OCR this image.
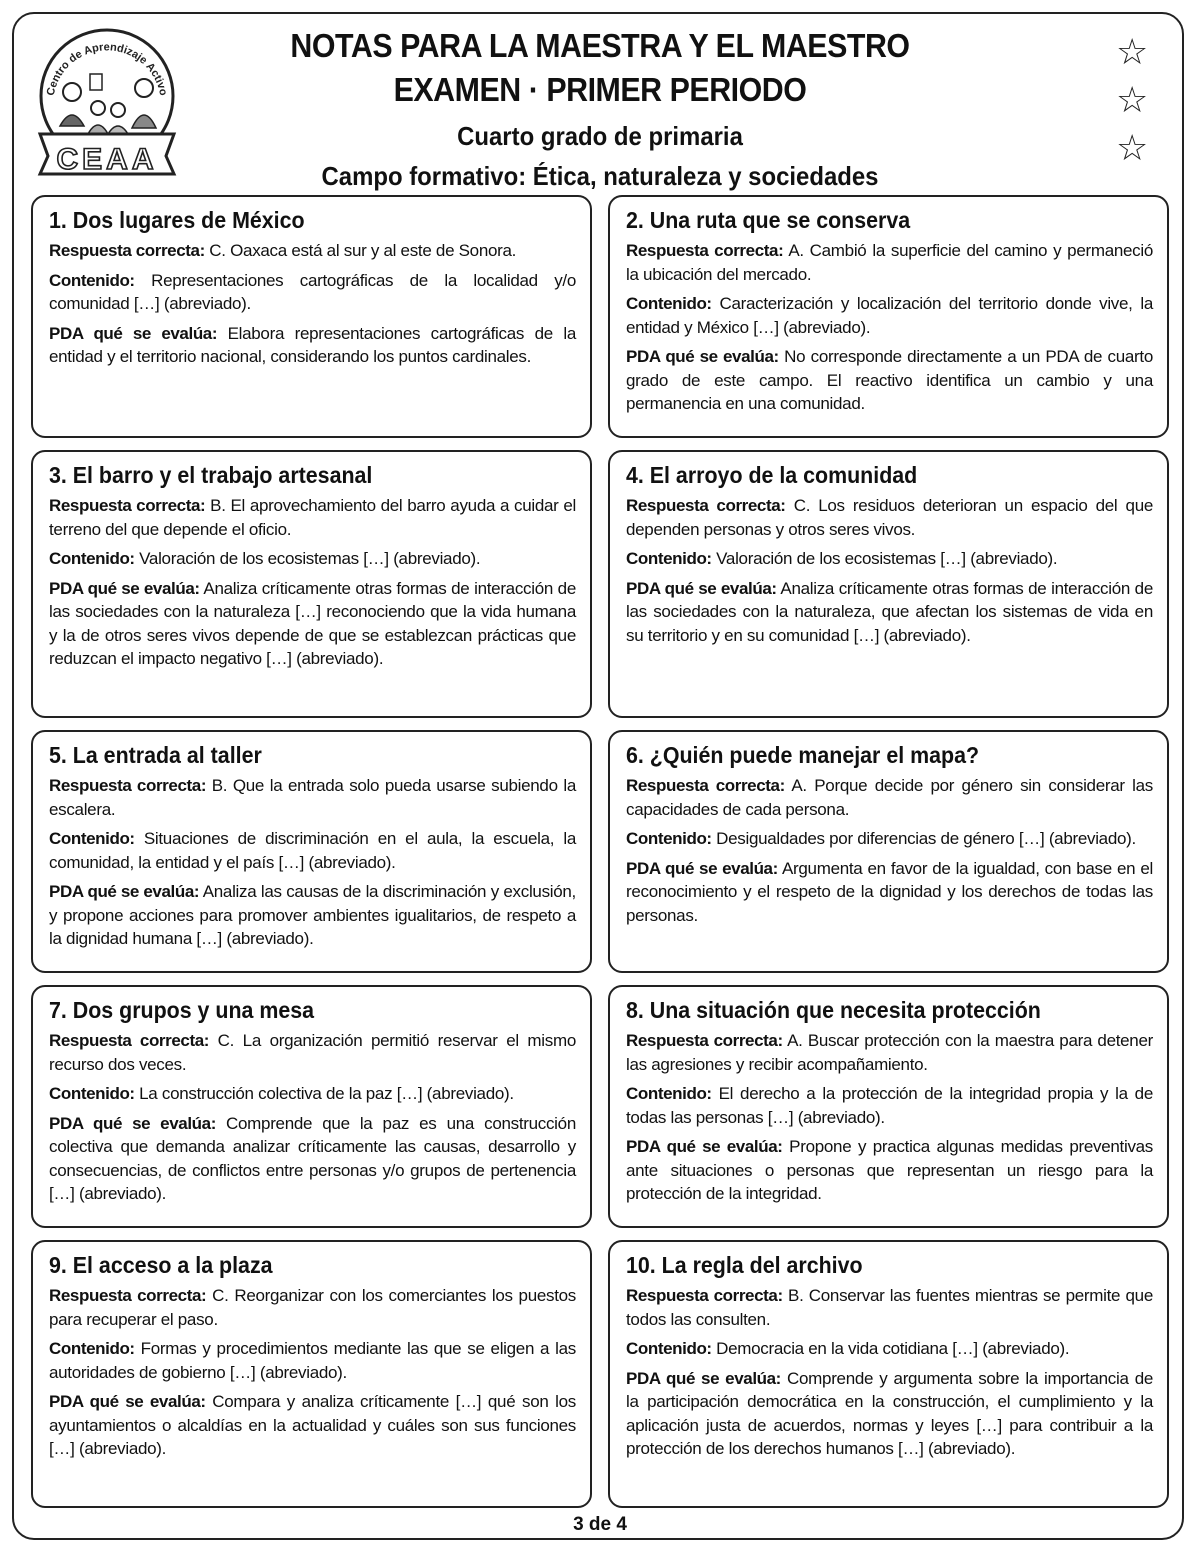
Centro de Aprendizaje Activo
CEAA
NOTAS PARA LA MAESTRA Y EL MAESTRO
EXAMEN · PRIMER PERIODO
Cuarto grado de primaria
Campo formativo: Ética, naturaleza y sociedades
☆
☆
☆
1. Dos lugares de México

Respuesta correcta: C. Oaxaca está al sur y al este de Sonora.

Contenido: Representaciones cartográficas de la localidad y/o comunidad […] (abreviado).

PDA qué se evalúa: Elabora representaciones cartográficas de la entidad y el territorio nacional, considerando los puntos cardinales.

2. Una ruta que se conserva

Respuesta correcta: A. Cambió la superficie del camino y permaneció la ubicación del mercado.

Contenido: Caracterización y localización del territorio donde vive, la entidad y México […] (abreviado).

PDA qué se evalúa: No corresponde directamente a un PDA de cuarto grado de este campo. El reactivo identifica un cambio y una permanencia en una comunidad.

3. El barro y el trabajo artesanal

Respuesta correcta: B. El aprovechamiento del barro ayuda a cuidar el terreno del que depende el oficio.

Contenido: Valoración de los ecosistemas […] (abreviado).

PDA qué se evalúa: Analiza críticamente otras formas de interacción de las sociedades con la naturaleza […] reconociendo que la vida humana y la de otros seres vivos depende de que se establezcan prácticas que reduzcan el impacto negativo […] (abreviado).

4. El arroyo de la comunidad

Respuesta correcta: C. Los residuos deterioran un espacio del que dependen personas y otros seres vivos.

Contenido: Valoración de los ecosistemas […] (abreviado).

PDA qué se evalúa: Analiza críticamente otras formas de interacción de las sociedades con la naturaleza, que afectan los sistemas de vida en su territorio y en su comunidad […] (abreviado).

5. La entrada al taller

Respuesta correcta: B. Que la entrada solo pueda usarse subiendo la escalera.

Contenido: Situaciones de discriminación en el aula, la escuela, la comunidad, la entidad y el país […] (abreviado).

PDA qué se evalúa: Analiza las causas de la discriminación y exclusión, y propone acciones para promover ambientes igualitarios, de respeto a la dignidad humana […] (abreviado).

6. ¿Quién puede manejar el mapa?

Respuesta correcta: A. Porque decide por género sin considerar las capacidades de cada persona.

Contenido: Desigualdades por diferencias de género […] (abreviado).

PDA qué se evalúa: Argumenta en favor de la igualdad, con base en el reconocimiento y el respeto de la dignidad y los derechos de todas las personas.

7. Dos grupos y una mesa

Respuesta correcta: C. La organización permitió reservar el mismo recurso dos veces.

Contenido: La construcción colectiva de la paz […] (abreviado).

PDA qué se evalúa: Comprende que la paz es una construcción colectiva que demanda analizar críticamente las causas, desarrollo y consecuencias, de conflictos entre personas y/o grupos de pertenencia […] (abreviado).

8. Una situación que necesita protección

Respuesta correcta: A. Buscar protección con la maestra para detener las agresiones y recibir acompañamiento.

Contenido: El derecho a la protección de la integridad propia y la de todas las personas […] (abreviado).

PDA qué se evalúa: Propone y practica algunas medidas preventivas ante situaciones o personas que representan un riesgo para la protección de la integridad.

9. El acceso a la plaza

Respuesta correcta: C. Reorganizar con los comerciantes los puestos para recuperar el paso.

Contenido: Formas y procedimientos mediante las que se eligen a las autoridades de gobierno […] (abreviado).

PDA qué se evalúa: Compara y analiza críticamente […] qué son los ayuntamientos o alcaldías en la actualidad y cuáles son sus funciones […] (abreviado).

10. La regla del archivo

Respuesta correcta: B. Conservar las fuentes mientras se permite que todos las consulten.

Contenido: Democracia en la vida cotidiana […] (abreviado).

PDA qué se evalúa: Comprende y argumenta sobre la importancia de la participación democrática en la construcción, el cumplimiento y la aplicación justa de acuerdos, normas y leyes […] para contribuir a la protección de los derechos humanos […] (abreviado).

3 de 4
